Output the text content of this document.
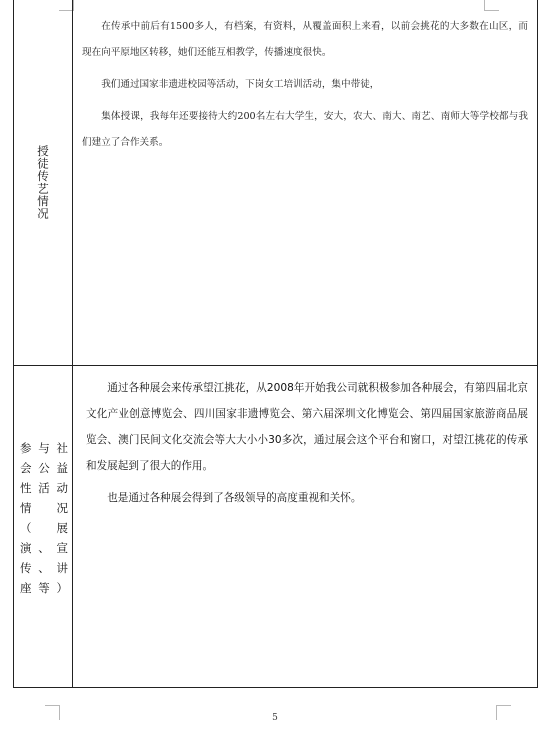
授徒传艺情况

在传承中前后有1500多人，有档案，有资料，从覆盖面积上来看，以前会挑花的大多数在山区，而现在向平原地区转移，她们还能互相教学，传播速度很快。

我们通过国家非遗进校园等活动，下岗女工培训活动，集中带徒，

集体授课，我每年还要接待大约200名左右大学生，安大，农大、南大、南艺、南师大等学校都与我们建立了合作关系。

参 与 社
会 公 益
性 活 动
情 况
（ 展
演 、 宣
传 、 讲
座 等 ）

通过各种展会来传承望江挑花，从2008年开始我公司就积极参加各种展会，有第四届北京文化产业创意博览会、四川国家非遗博览会、第六届深圳文化博览会、第四届国家旅游商品展览会、澳门民间文化交流会等大大小小30多次，通过展会这个平台和窗口，对望江挑花的传承和发展起到了很大的作用。

也是通过各种展会得到了各级领导的高度重视和关怀。

5
